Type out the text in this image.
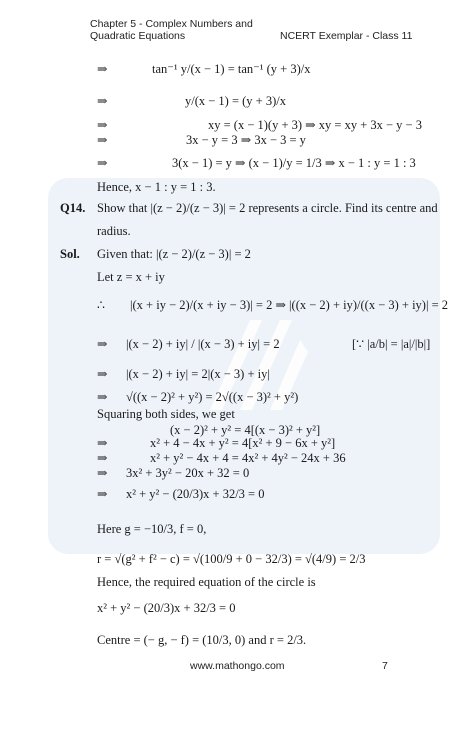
Chapter 5 - Complex Numbers and
Quadratic Equations	NCERT Exemplar - Class 11
⇒	tan⁻¹ y/(x − 1) = tan⁻¹ (y + 3)/x
⇒	y/(x − 1) = (y + 3)/x
⇒	xy = (x − 1)(y + 3) ⇒ xy = xy + 3x − y − 3
⇒	3x − y = 3 ⇒ 3x − 3 = y
⇒	3(x − 1) = y ⇒ (x − 1)/y = 1/3 ⇒ x − 1 : y = 1 : 3
Hence, x − 1 : y = 1 : 3.
Q14. Show that |(z − 2)/(z − 3)| = 2 represents a circle. Find its centre and
radius.
Sol. Given that: |(z − 2)/(z − 3)| = 2
Let z = x + iy
∴ |(x + iy − 2)/(x + iy − 3)| = 2 ⇒ |((x − 2) + iy)/((x − 3) + iy)| = 2
⇒ |(x − 2) + iy| / |(x − 3) + iy| = 2	[∵ |a/b| = |a|/|b|]
⇒ |(x − 2) + iy| = 2|(x − 3) + iy|
⇒ √((x − 2)² + y²) = 2√((x − 3)² + y²)
Squaring both sides, we get
(x − 2)² + y² = 4[(x − 3)² + y²]
⇒	x² + 4 − 4x + y² = 4[x² + 9 − 6x + y²]
⇒	x² + y² − 4x + 4 = 4x² + 4y² − 24x + 36
⇒ 3x² + 3y² − 20x + 32 = 0
⇒ x² + y² − (20/3)x + 32/3 = 0
Here g = −10/3, f = 0,
r = √(g² + f² − c) = √(100/9 + 0 − 32/3) = √(4/9) = 2/3
Hence, the required equation of the circle is
x² + y² − (20/3)x + 32/3 = 0
Centre = (− g, − f) = (10/3, 0) and r = 2/3.
www.mathongo.com	7
